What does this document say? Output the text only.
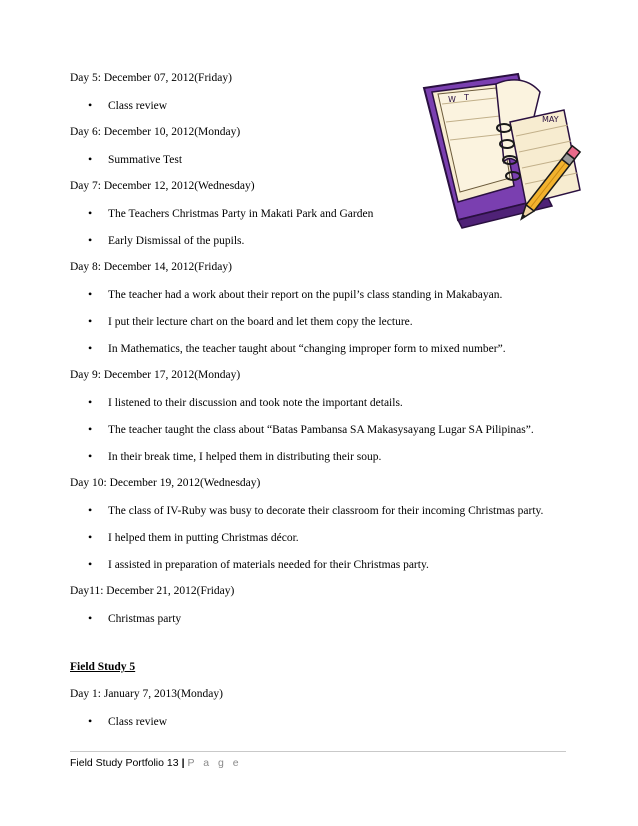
Day 5: December 07, 2012(Friday)
• Class review
Day 6: December 10, 2012(Monday)
• Summative Test
Day 7: December 12, 2012(Wednesday)
• The Teachers Christmas Party in Makati Park and Garden
• Early Dismissal of the pupils.
Day 8: December 14, 2012(Friday)
• The teacher had a work about their report on the pupil’s class standing in Makabayan.
• I put their lecture chart on the board and let them copy the lecture.
• In Mathematics, the teacher taught about “changing improper form to mixed number”.
Day 9: December 17, 2012(Monday)
• I listened to their discussion and took note the important details.
• The teacher taught the class about “Batas Pambansa SA Makasysayang Lugar SA Pilipinas”.
• In their break time, I helped them in distributing their soup.
Day 10: December 19, 2012(Wednesday)
• The class of IV-Ruby was busy to decorate their classroom for their incoming Christmas party.
• I helped them in putting Christmas décor.
• I assisted in preparation of materials needed for their Christmas party.
Day11: December 21, 2012(Friday)
• Christmas party
Field Study 5
Day 1: January 7, 2013(Monday)
• Class review
Field Study Portfolio 13 | P a g e
W T
MAY
